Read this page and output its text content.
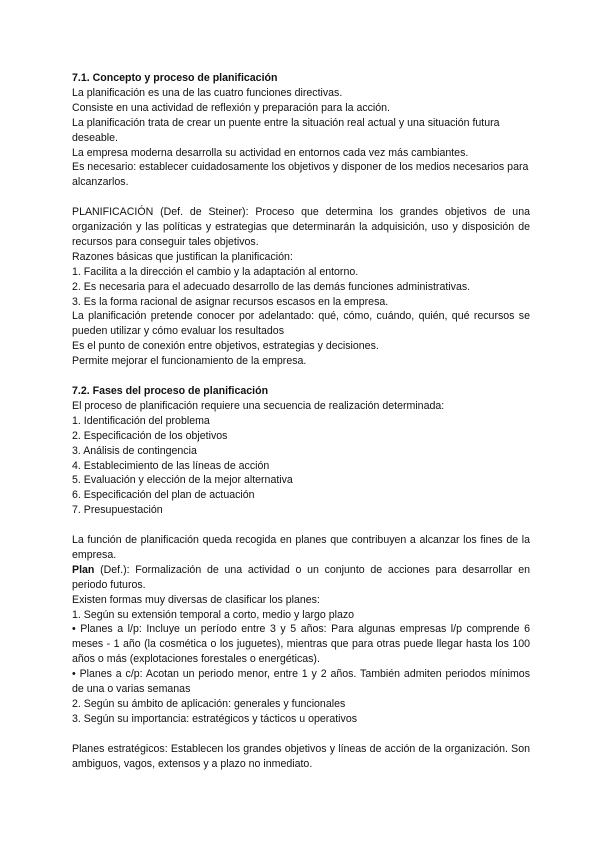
7.1. Concepto y proceso de planificación

La planificación es una de las cuatro funciones directivas.

Consiste en una actividad de reflexión y preparación para la acción.

La planificación trata de crear un puente entre la situación real actual y una situación futura deseable.

La empresa moderna desarrolla su actividad en entornos cada vez más cambiantes.

Es necesario: establecer cuidadosamente los objetivos y disponer de los medios necesarios para alcanzarlos.

PLANIFICACIÓN (Def. de Steiner): Proceso que determina los grandes objetivos de una organización y las políticas y estrategias que determinarán la adquisición, uso y disposición de recursos para conseguir tales objetivos.

Razones básicas que justifican la planificación:

1. Facilita a la dirección el cambio y la adaptación al entorno.

2. Es necesaria para el adecuado desarrollo de las demás funciones administrativas.

3. Es la forma racional de asignar recursos escasos en la empresa.

La planificación pretende conocer por adelantado: qué, cómo, cuándo, quién, qué recursos se pueden utilizar y cómo evaluar los resultados

Es el punto de conexión entre objetivos, estrategias y decisiones.

Permite mejorar el funcionamiento de la empresa.

7.2. Fases del proceso de planificación

El proceso de planificación requiere una secuencia de realización determinada:

1. Identificación del problema

2. Especificación de los objetivos

3. Análisis de contingencia

4. Establecimiento de las líneas de acción

5. Evaluación y elección de la mejor alternativa

6. Especificación del plan de actuación

7. Presupuestación

La función de planificación queda recogida en planes que contribuyen a alcanzar los fines de la empresa.

Plan (Def.): Formalización de una actividad o un conjunto de acciones para desarrollar en periodo futuros.

Existen formas muy diversas de clasificar los planes:

1. Según su extensión temporal a corto, medio y largo plazo

• Planes a l/p: Incluye un período entre 3 y 5 años: Para algunas empresas l/p comprende 6 meses - 1 año (la cosmética o los juguetes), mientras que para otras puede llegar hasta los 100 años o más (explotaciones forestales o energéticas).

• Planes a c/p: Acotan un periodo menor, entre 1 y 2 años. También admiten periodos mínimos de una o varias semanas

2. Según su ámbito de aplicación: generales y funcionales

3. Según su importancia: estratégicos y tácticos u operativos

Planes estratégicos: Establecen los grandes objetivos y líneas de acción de la organización. Son ambiguos, vagos, extensos y a plazo no inmediato.
